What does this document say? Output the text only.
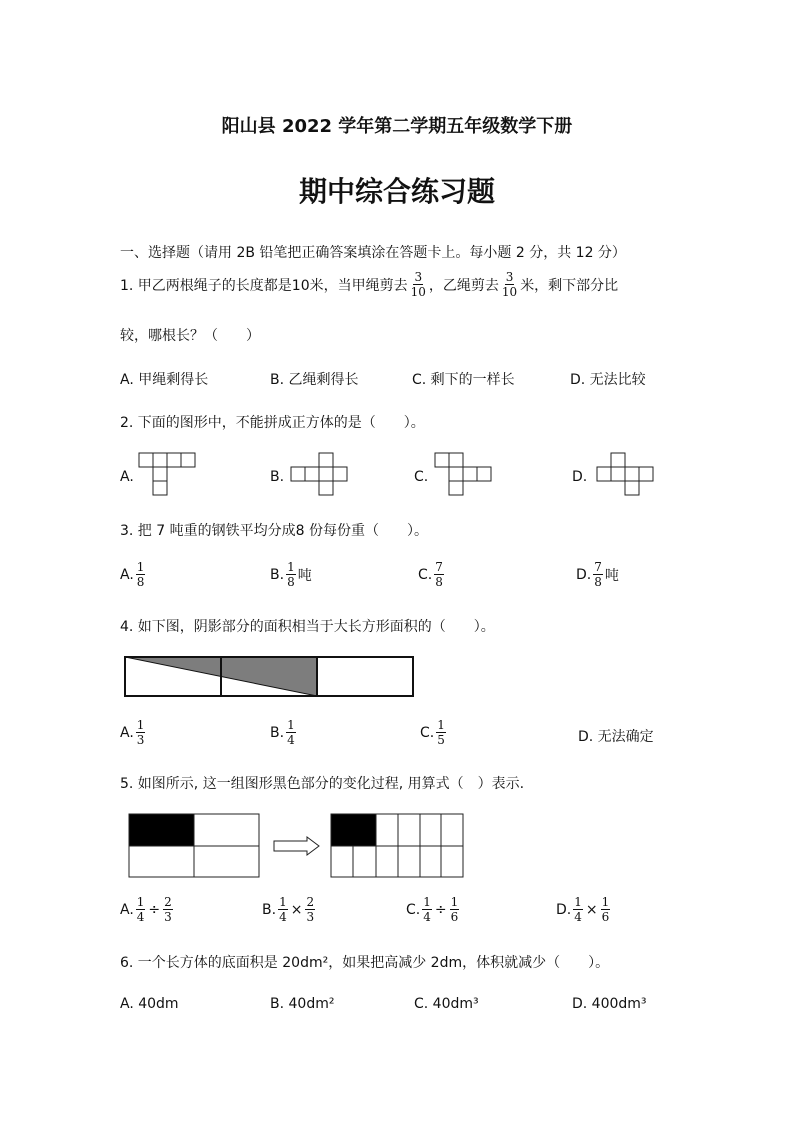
阳山县 2022 学年第二学期五年级数学下册
期中综合练习题
一、选择题（请用 2B 铅笔把正确答案填涂在答题卡上。每小题 2 分，共 12 分）
1. 甲乙两根绳子的长度都是10米，当甲绳剪去 $\frac{3}{10}$ ，乙绳剪去 $\frac{3}{10}$ 米，剩下部分比
较，哪根长？（　　）
A. 甲绳剩得长	B. 乙绳剩得长	C. 剩下的一样长	D. 无法比较
2. 下面的图形中，不能拼成正方体的是（　　）。
A.	B.	C.	D.
3. 把 7 吨重的钢铁平均分成8 份每份重（　　）。
A. $\frac{1}{8}$	B. $\frac{1}{8}$ 吨	C. $\frac{7}{8}$	D. $\frac{7}{8}$ 吨
4. 如下图，阴影部分的面积相当于大长方形面积的（　　）。
A. $\frac{1}{3}$	B. $\frac{1}{4}$	C. $\frac{1}{5}$	D. 无法确定
5. 如图所示, 这一组图形黑色部分的变化过程, 用算式（　）表示.
A. $\frac{1}{4} \div \frac{2}{3}$	B. $\frac{1}{4} \times \frac{2}{3}$	C. $\frac{1}{4} \div \frac{1}{6}$	D. $\frac{1}{4} \times \frac{1}{6}$
6. 一个长方体的底面积是 20dm²，如果把高减少 2dm，体积就减少（　　）。
A. 40dm	B. 40dm²	C. 40dm³	D. 400dm³
